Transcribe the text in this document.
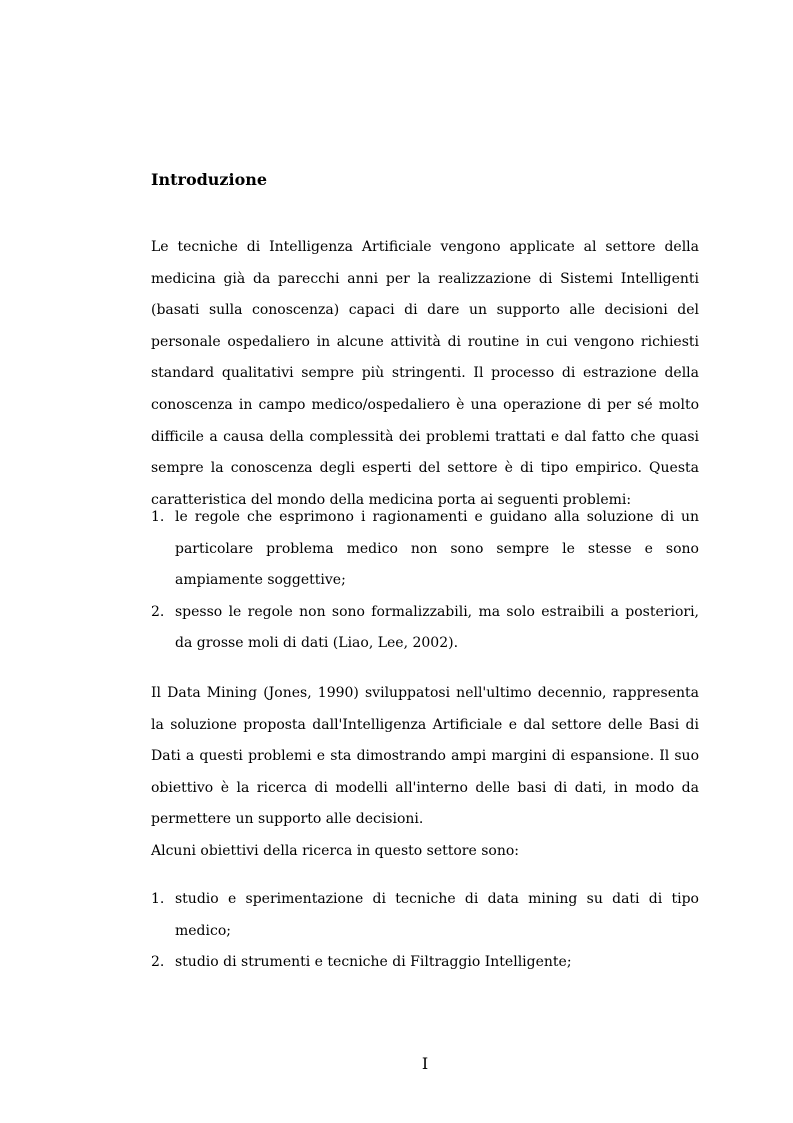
Introduzione

Le tecniche di Intelligenza Artificiale vengono applicate al settore della medicina già da parecchi anni per la realizzazione di Sistemi Intelligenti (basati sulla conoscenza) capaci di dare un supporto alle decisioni del personale ospedaliero in alcune attività di routine in cui vengono richiesti standard qualitativi sempre più stringenti. Il processo di estrazione della conoscenza in campo medico/ospedaliero è una operazione di per sé molto difficile a causa della complessità dei problemi trattati e dal fatto che quasi sempre la conoscenza degli esperti del settore è di tipo empirico. Questa caratteristica del mondo della medicina porta ai seguenti problemi:

1. le regole che esprimono i ragionamenti e guidano alla soluzione di un particolare problema medico non sono sempre le stesse e sono ampiamente soggettive;
2. spesso le regole non sono formalizzabili, ma solo estraibili a posteriori, da grosse moli di dati (Liao, Lee, 2002).

Il Data Mining (Jones, 1990) sviluppatosi nell'ultimo decennio, rappresenta la soluzione proposta dall'Intelligenza Artificiale e dal settore delle Basi di Dati a questi problemi e sta dimostrando ampi margini di espansione. Il suo obiettivo è la ricerca di modelli all'interno delle basi di dati, in modo da permettere un supporto alle decisioni.

Alcuni obiettivi della ricerca in questo settore sono:

1. studio e sperimentazione di tecniche di data mining su dati di tipo medico;
2. studio di strumenti e tecniche di Filtraggio Intelligente;

I
